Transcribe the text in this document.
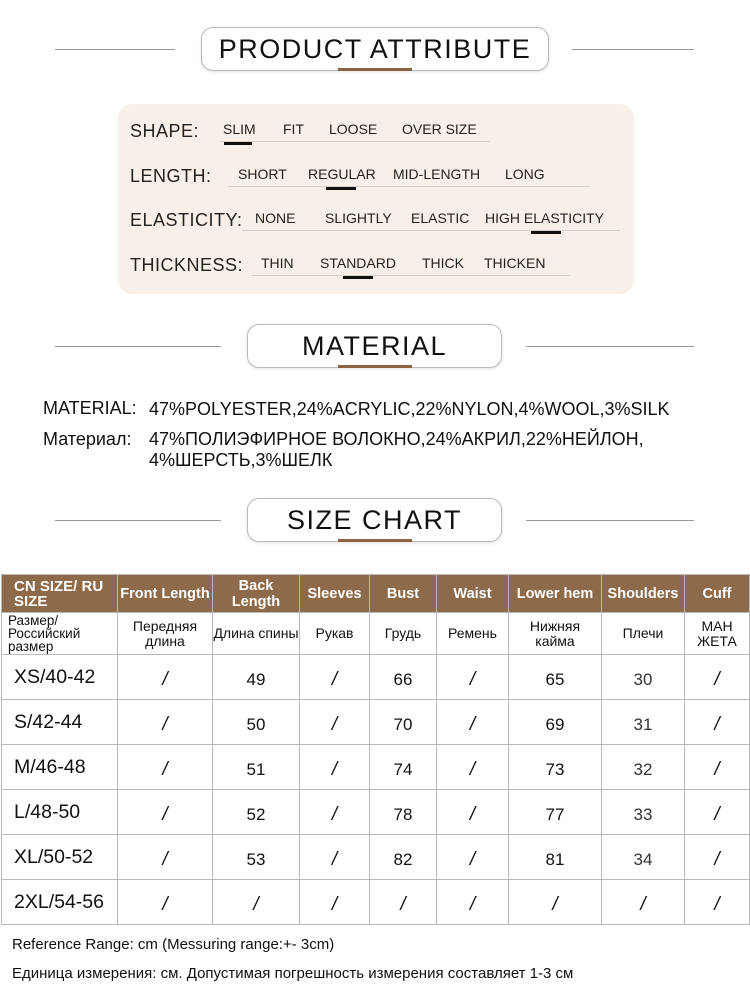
PRODUCT ATTRIBUTE
SHAPE: SLIM FIT LOOSE OVER SIZE
LENGTH: SHORT REGULAR MID-LENGTH LONG
ELASTICITY: NONE SLIGHTLY ELASTIC HIGH ELASTICITY
THICKNESS: THIN STANDARD THICK THICKEN
MATERIAL
MATERIAL: 47%POLYESTER,24%ACRYLIC,22%NYLON,4%WOOL,3%SILK
Материал: 47%ПОЛИЭФИРНОЕ ВОЛОКНО,24%АКРИЛ,22%НЕЙЛОН,
4%ШЕРСТЬ,3%ШЕЛК
SIZE CHART
CN SIZE/ RU SIZE	Front Length	Back Length	Sleeves	Bust	Waist	Lower hem	Shoulders	Cuff
Размер/ Российский размер	Передняя длина	Длина спины	Рукав	Грудь	Ремень	Нижняя кайма	Плечи	МАН ЖЕТА
XS/40-42	/	49	/	66	/	65	30	/
S/42-44	/	50	/	70	/	69	31	/
M/46-48	/	51	/	74	/	73	32	/
L/48-50	/	52	/	78	/	77	33	/
XL/50-52	/	53	/	82	/	81	34	/
2XL/54-56	/	/	/	/	/	/	/	/
Reference Range: cm (Messuring range:+- 3cm)
Единица измерения: см. Допустимая погрешность измерения составляет 1-3 см
